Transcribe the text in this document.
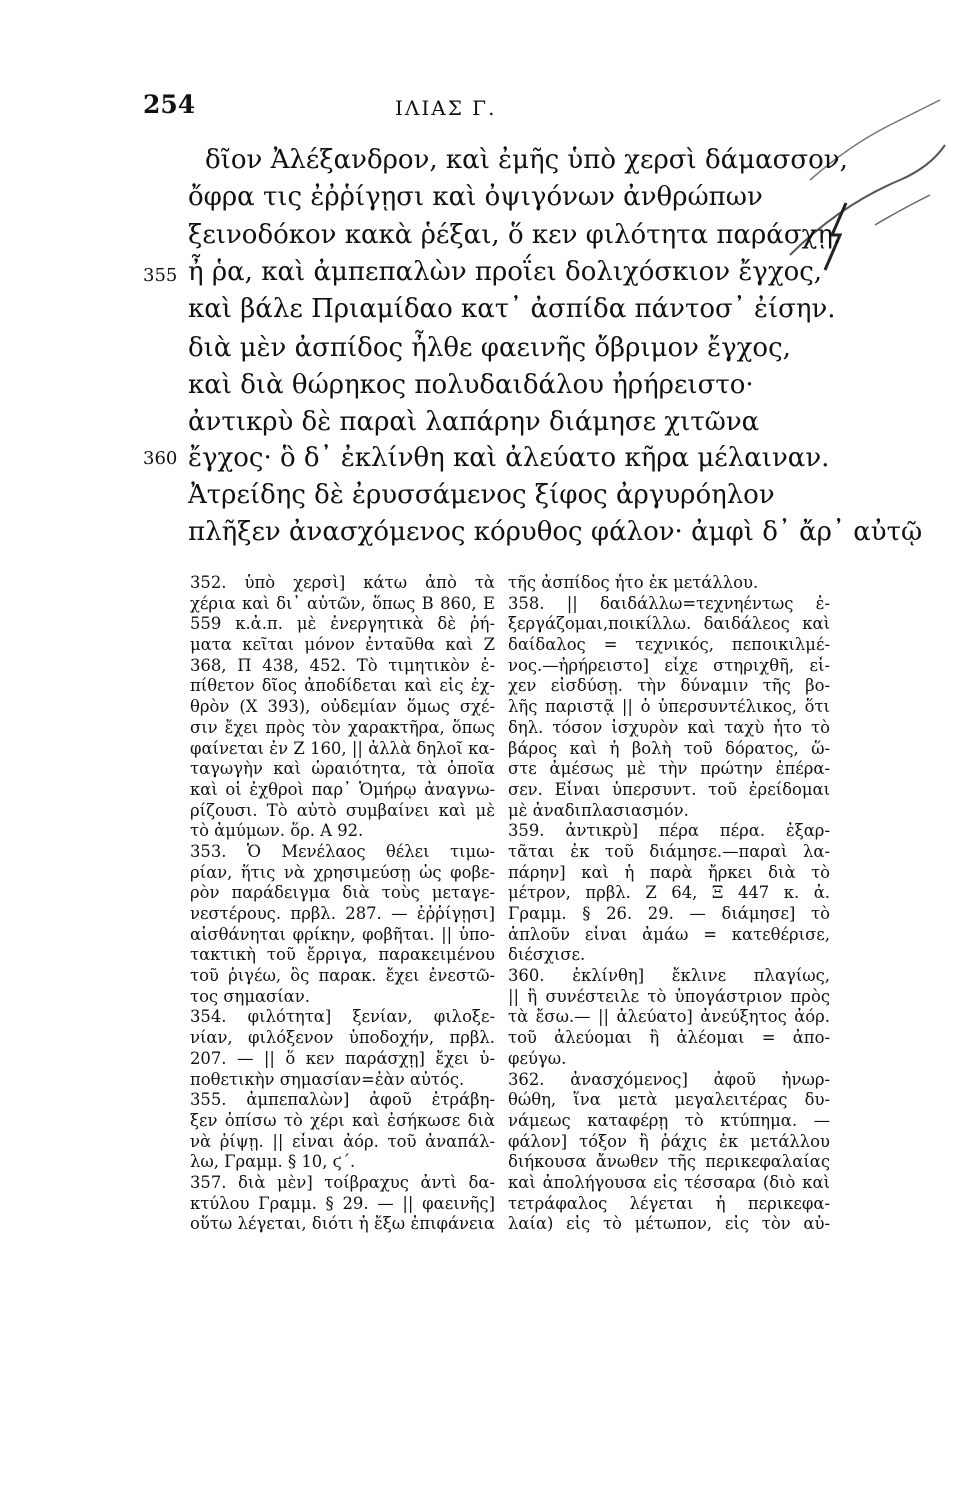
254	ΙΛΙΑΣ Γ.
δῖον Ἀλέξανδρον, καὶ ἐμῆς ὑπὸ χερσὶ δάμασσον,
ὄφρα τις ἐῤῥίγῃσι καὶ ὀψιγόνων ἀνθρώπων
ξεινοδόκον κακὰ ῥέξαι, ὅ κεν φιλότητα παράσχῃ.
355 ἦ ῥα, καὶ ἀμπεπαλὼν προΐει δολιχόσκιον ἔγχος,
καὶ βάλε Πριαμίδαο κατ᾽ ἀσπίδα πάντοσ᾽ ἐίσην.
διὰ μὲν ἀσπίδος ἦλθε φαεινῆς ὄβριμον ἔγχος,
καὶ διὰ θώρηκος πολυδαιδάλου ἠρήρειστο·
ἀντικρὺ δὲ παραὶ λαπάρην διάμησε χιτῶνα
360 ἔγχος· ὃ δ᾽ ἐκλίνθη καὶ ἀλεύατο κῆρα μέλαιναν.
Ἀτρείδης δὲ ἐρυσσάμενος ξίφος ἀργυρόηλον
πλῆξεν ἀνασχόμενος κόρυθος φάλον· ἀμφὶ δ᾽ ἄρ᾽ αὐτῷ
352. ὑπὸ χερσὶ] κάτω ἀπὸ τὰ
χέρια καὶ δι᾽ αὐτῶν, ὅπως Β 860, Ε
559 κ.ἀ.π. μὲ ἐνεργητικὰ δὲ ῥή-
ματα κεῖται μόνον ἐνταῦθα καὶ Ζ
368, Π 438, 452. Τὸ τιμητικὸν ἐ-
πίθετον δῖος ἀποδίδεται καὶ εἰς ἐχ-
θρὸν (Χ 393), οὐδεμίαν ὅμως σχέ-
σιν ἔχει πρὸς τὸν χαρακτῆρα, ὅπως
φαίνεται ἐν Ζ 160, || ἀλλὰ δηλοῖ κα-
ταγωγὴν καὶ ὡραιότητα, τὰ ὁποῖα
καὶ οἱ ἐχθροὶ παρ᾽ Ὁμήρῳ ἀναγνω-
ρίζουσι. Τὸ αὐτὸ συμβαίνει καὶ μὲ
τὸ ἀμύμων. ὅρ. Α 92.
353. Ὁ Μενέλαος θέλει τιμω-
ρίαν, ἥτις νὰ χρησιμεύσῃ ὡς φοβε-
ρὸν παράδειγμα διὰ τοὺς μεταγε-
νεστέρους. πρβλ. 287. — ἐῤῥίγῃσι]
αἰσθάνηται φρίκην, φοβῆται. || ὑπο-
τακτικὴ τοῦ ἔρριγα, παρακειμένου
τοῦ ῥιγέω, ὃς παρακ. ἔχει ἐνεστῶ-
τος σημασίαν.
354. φιλότητα] ξενίαν, φιλοξε-
νίαν, φιλόξενον ὑποδοχήν, πρβλ.
207. — || ὅ κεν παράσχῃ] ἔχει ὑ-
ποθετικὴν σημασίαν=ἐὰν αὐτός.
355. ἀμπεπαλὼν] ἀφοῦ ἐτράβη-
ξεν ὀπίσω τὸ χέρι καὶ ἐσήκωσε διὰ
νὰ ῥίψῃ. || εἶναι ἀόρ. τοῦ ἀναπάλ-
λω, Γραμμ. § 10, ϛ΄.
357. διὰ μὲν] τοίβραχυς ἀντὶ δα-
κτύλου Γραμμ. § 29. — || φαεινῆς]
οὕτω λέγεται, διότι ἡ ἔξω ἐπιφάνεια
τῆς ἀσπίδος ἦτο ἐκ μετάλλου.
358. || δαιδάλλω=τεχνηέντως ἐ-
ξεργάζομαι,ποικίλλω. δαιδάλεος καὶ
δαίδαλος = τεχνικός, πεποικιλμέ-
νος.—ἠρήρειστο] εἶχε στηριχθῆ, εἶ-
χεν εἰσδύσῃ. τὴν δύναμιν τῆς βο-
λῆς παριστᾷ || ὁ ὑπερσυντέλικος, ὅτι
δηλ. τόσον ἰσχυρὸν καὶ ταχὺ ἦτο τὸ
βάρος καὶ ἡ βολὴ τοῦ δόρατος, ὥ-
στε ἀμέσως μὲ τὴν πρώτην ἐπέρα-
σεν. Εἶναι ὑπερσυντ. τοῦ ἐρείδομαι
μὲ ἀναδιπλασιασμόν.
359. ἀντικρὺ] πέρα πέρα. ἐξαρ-
τᾶται ἐκ τοῦ διάμησε.—παραὶ λα-
πάρην] καὶ ἡ παρὰ ἤρκει διὰ τὸ
μέτρον, πρβλ. Ζ 64, Ξ 447 κ. ἀ.
Γραμμ. § 26. 29. — διάμησε] τὸ
ἁπλοῦν εἶναι ἀμάω = κατεθέρισε,
διέσχισε.
360. ἐκλίνθη] ἔκλινε πλαγίως,
|| ἢ συνέστειλε τὸ ὑπογάστριον πρὸς
τὰ ἔσω.— || ἀλεύατο] ἀνεύξητος ἀόρ.
τοῦ ἀλεύομαι ἢ ἀλέομαι = ἀπο-
φεύγω.
362. ἀνασχόμενος] ἀφοῦ ἠνωρ-
θώθη, ἵνα μετὰ μεγαλειτέρας δυ-
νάμεως καταφέρῃ τὸ κτύπημα. —
φάλον] τόξον ἢ ῥάχις ἐκ μετάλλου
διήκουσα ἄνωθεν τῆς περικεφαλαίας
καὶ ἀπολήγουσα εἰς τέσσαρα (διὸ καὶ
τετράφαλος λέγεται ἡ περικεφα-
λαία) εἰς τὸ μέτωπον, εἰς τὸν αὐ-
